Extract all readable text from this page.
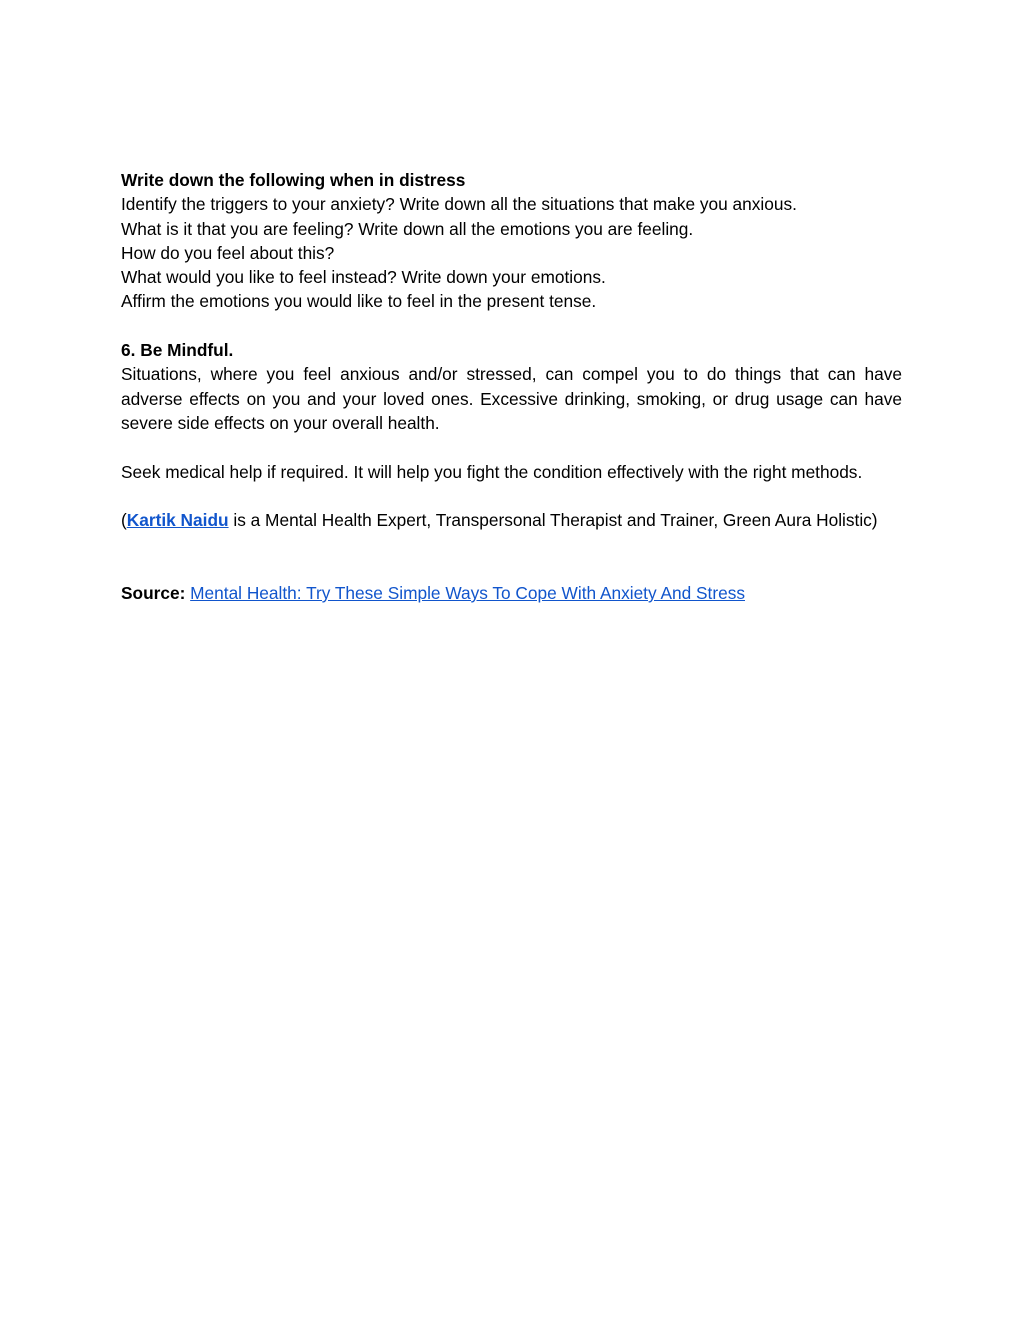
Write down the following when in distress

Identify the triggers to your anxiety? Write down all the situations that make you anxious.

What is it that you are feeling? Write down all the emotions you are feeling.

How do you feel about this?

What would you like to feel instead? Write down your emotions.

Affirm the emotions you would like to feel in the present tense.

6. Be Mindful.

Situations, where you feel anxious and/or stressed, can compel you to do things that can have adverse effects on you and your loved ones. Excessive drinking, smoking, or drug usage can have severe side effects on your overall health.

Seek medical help if required. It will help you fight the condition effectively with the right methods.

(Kartik Naidu is a Mental Health Expert, Transpersonal Therapist and Trainer, Green Aura Holistic)

Source: Mental Health: Try These Simple Ways To Cope With Anxiety And Stress
